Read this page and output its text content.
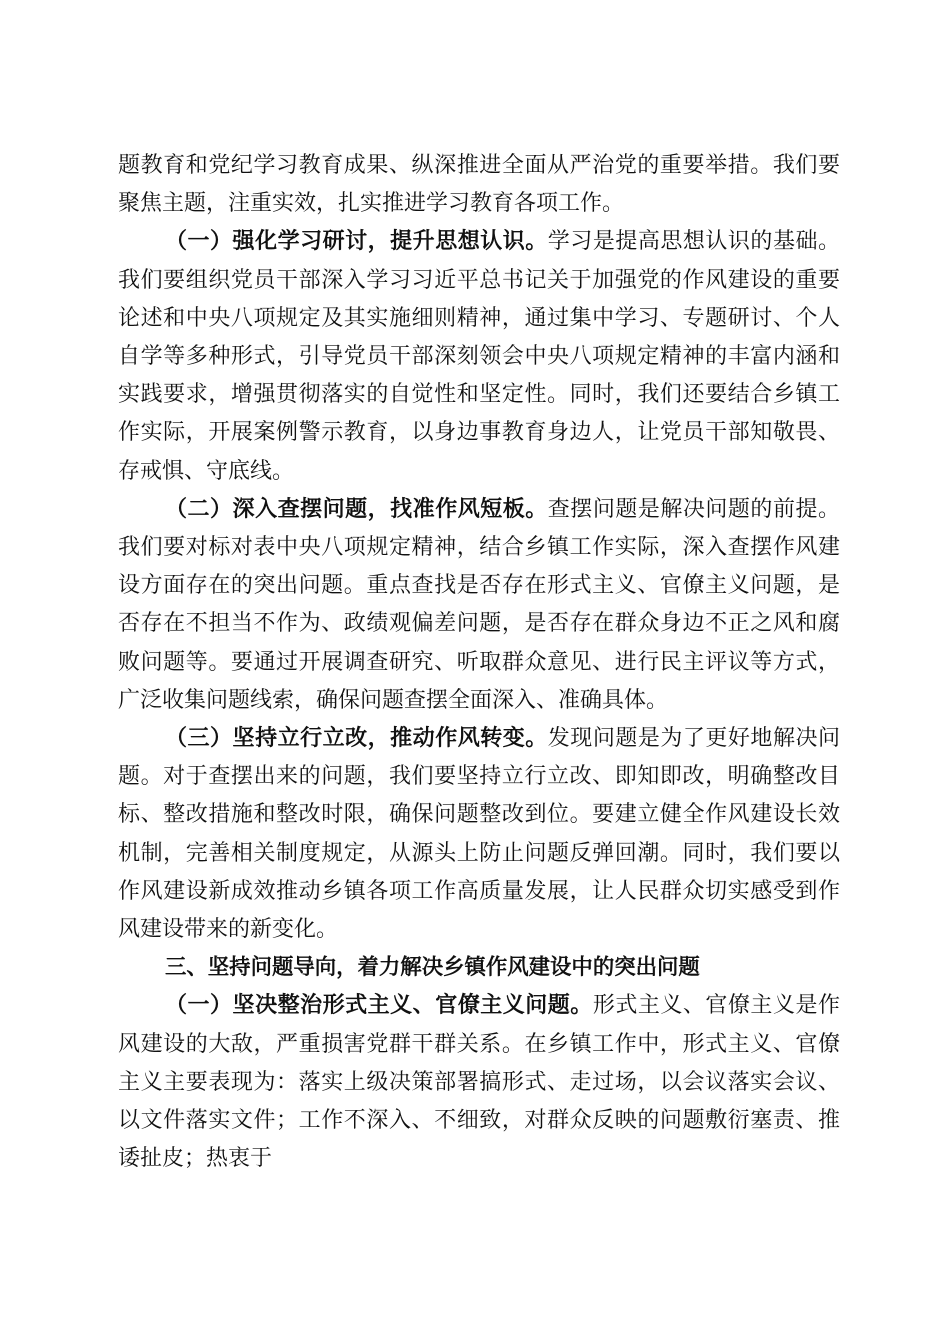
题教育和党纪学习教育成果、纵深推进全面从严治党的重要举措。我们要聚焦主题，注重实效，扎实推进学习教育各项工作。

（一）强化学习研讨，提升思想认识。学习是提高思想认识的基础。我们要组织党员干部深入学习习近平总书记关于加强党的作风建设的重要论述和中央八项规定及其实施细则精神，通过集中学习、专题研讨、个人自学等多种形式，引导党员干部深刻领会中央八项规定精神的丰富内涵和实践要求，增强贯彻落实的自觉性和坚定性。同时，我们还要结合乡镇工作实际，开展案例警示教育，以身边事教育身边人，让党员干部知敬畏、存戒惧、守底线。

（二）深入查摆问题，找准作风短板。查摆问题是解决问题的前提。我们要对标对表中央八项规定精神，结合乡镇工作实际，深入查摆作风建设方面存在的突出问题。重点查找是否存在形式主义、官僚主义问题，是否存在不担当不作为、政绩观偏差问题，是否存在群众身边不正之风和腐败问题等。要通过开展调查研究、听取群众意见、进行民主评议等方式，广泛收集问题线索，确保问题查摆全面深入、准确具体。

（三）坚持立行立改，推动作风转变。发现问题是为了更好地解决问题。对于查摆出来的问题，我们要坚持立行立改、即知即改，明确整改目标、整改措施和整改时限，确保问题整改到位。要建立健全作风建设长效机制，完善相关制度规定，从源头上防止问题反弹回潮。同时，我们要以作风建设新成效推动乡镇各项工作高质量发展，让人民群众切实感受到作风建设带来的新变化。

三、坚持问题导向，着力解决乡镇作风建设中的突出问题

（一）坚决整治形式主义、官僚主义问题。形式主义、官僚主义是作风建设的大敌，严重损害党群干群关系。在乡镇工作中，形式主义、官僚主义主要表现为：落实上级决策部署搞形式、走过场，以会议落实会议、以文件落实文件；工作不深入、不细致，对群众反映的问题敷衍塞责、推诿扯皮；热衷于
